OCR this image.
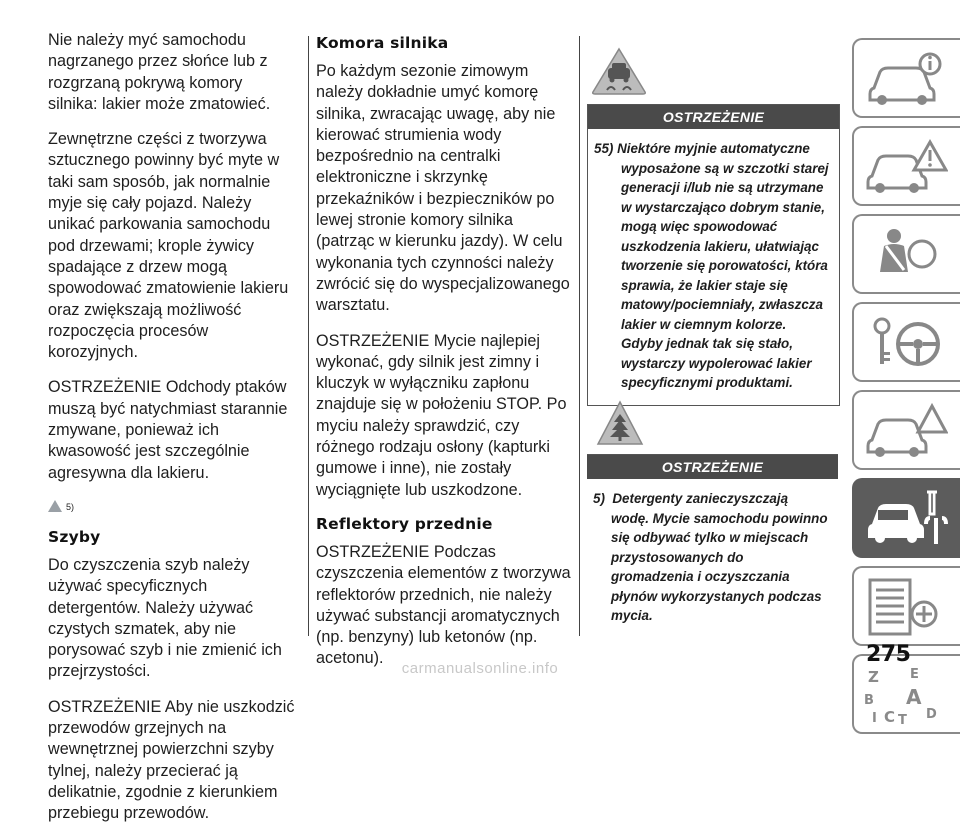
Nie należy myć samochodu nagrzanego przez słońce lub z rozgrzaną pokrywą komory silnika: lakier może zmatowieć.

Zewnętrzne części z tworzywa sztucznego powinny być myte w taki sam sposób, jak normalnie myje się cały pojazd. Należy unikać parkowania samochodu pod drzewami; krople żywicy spadające z drzew mogą spowodować zmatowienie lakieru oraz zwiększają możliwość rozpoczęcia procesów korozyjnych.

OSTRZEŻENIE Odchody ptaków muszą być natychmiast starannie zmywane, ponieważ ich kwasowość jest szczególnie agresywna dla lakieru.

5)
Szyby

Do czyszczenia szyb należy używać specyficznych detergentów. Należy używać czystych szmatek, aby nie porysować szyb i nie zmienić ich przejrzystości.

OSTRZEŻENIE Aby nie uszkodzić przewodów grzejnych na wewnętrznej powierzchni szyby tylnej, należy przecierać ją delikatnie, zgodnie z kierunkiem przebiegu przewodów.

Komora silnika

Po każdym sezonie zimowym należy dokładnie umyć komorę silnika, zwracając uwagę, aby nie kierować strumienia wody bezpośrednio na centralki elektroniczne i skrzynkę przekaźników i bezpieczników po lewej stronie komory silnika (patrząc w kierunku jazdy). W celu wykonania tych czynności należy zwrócić się do wyspecjalizowanego warsztatu.

OSTRZEŻENIE Mycie najlepiej wykonać, gdy silnik jest zimny i kluczyk w wyłączniku zapłonu znajduje się w położeniu STOP. Po myciu należy sprawdzić, czy różnego rodzaju osłony (kapturki gumowe i inne), nie zostały wyciągnięte lub uszkodzone.

Reflektory przednie

OSTRZEŻENIE Podczas czyszczenia elementów z tworzywa reflektorów przednich, nie należy używać substancji aromatycznych (np. benzyny) lub ketonów (np. acetonu).

OSTRZEŻENIE
55) Niektóre myjnie automatyczne wyposażone są w szczotki starej generacji i/lub nie są utrzymane w wystarczająco dobrym stanie, mogą więc spowodować uszkodzenia lakieru, ułatwiając tworzenie się porowatości, która sprawia, że lakier staje się matowy/pociemniały, zwłaszcza lakier w ciemnym kolorze. Gdyby jednak tak się stało, wystarczy wypolerować lakier specyficznymi produktami.
OSTRZEŻENIE
5) Detergenty zanieczyszczają wodę. Mycie samochodu powinno się odbywać tylko w miejscach przystosowanych do gromadzenia i oczyszczania płynów wykorzystanych podczas mycia.
Z E
B A
I C T D
275
carmanualsonline.info
